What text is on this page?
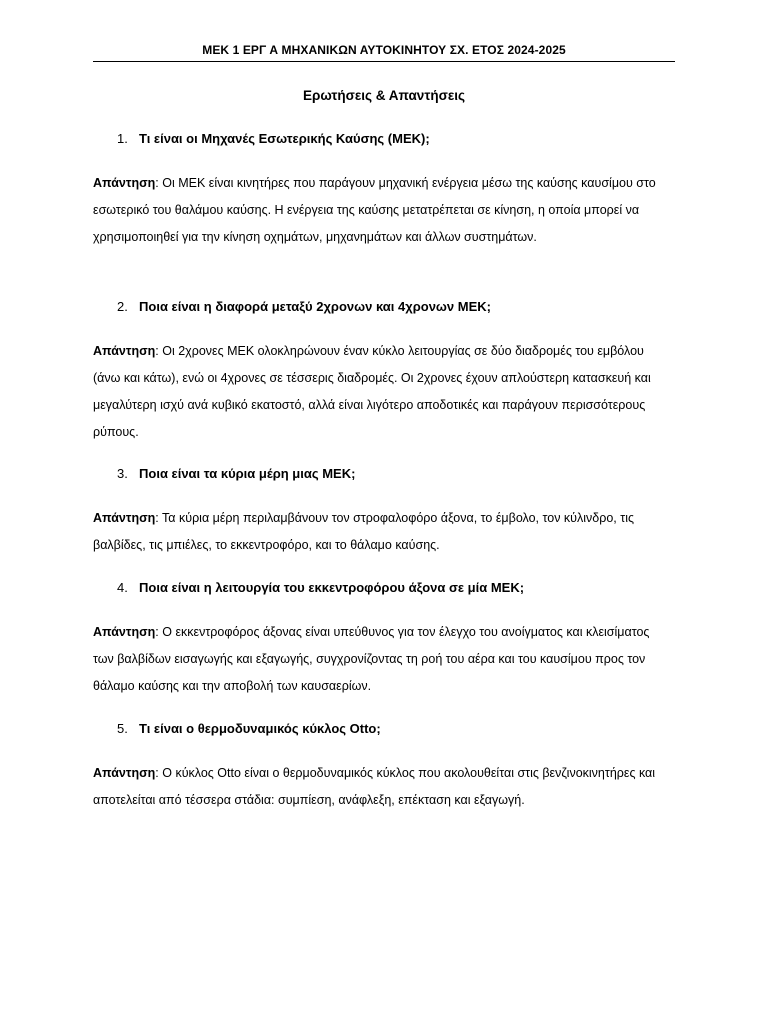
ΜΕΚ 1 ΕΡΓ Α ΜΗΧΑΝΙΚΩΝ ΑΥΤΟΚΙΝΗΤΟΥ ΣΧ. ΕΤΟΣ 2024-2025
Ερωτήσεις & Απαντήσεις
1. Τι είναι οι Μηχανές Εσωτερικής Καύσης (ΜΕΚ);
Απάντηση: Οι ΜΕΚ είναι κινητήρες που παράγουν μηχανική ενέργεια μέσω της καύσης καυσίμου στο εσωτερικό του θαλάμου καύσης. Η ενέργεια της καύσης μετατρέπεται σε κίνηση, η οποία μπορεί να χρησιμοποιηθεί για την κίνηση οχημάτων, μηχανημάτων και άλλων συστημάτων.
2. Ποια είναι η διαφορά μεταξύ 2χρονων και 4χρονων ΜΕΚ;
Απάντηση: Οι 2χρονες ΜΕΚ ολοκληρώνουν έναν κύκλο λειτουργίας σε δύο διαδρομές του εμβόλου (άνω και κάτω), ενώ οι 4χρονες σε τέσσερις διαδρομές. Οι 2χρονες έχουν απλούστερη κατασκευή και μεγαλύτερη ισχύ ανά κυβικό εκατοστό, αλλά είναι λιγότερο αποδοτικές και παράγουν περισσότερους ρύπους.
3. Ποια είναι τα κύρια μέρη μιας ΜΕΚ;
Απάντηση: Τα κύρια μέρη περιλαμβάνουν τον στροφαλοφόρο άξονα, το έμβολο, τον κύλινδρο, τις βαλβίδες, τις μπιέλες, το εκκεντροφόρο, και το θάλαμο καύσης.
4. Ποια είναι η λειτουργία του εκκεντροφόρου άξονα σε μία ΜΕΚ;
Απάντηση: Ο εκκεντροφόρος άξονας είναι υπεύθυνος για τον έλεγχο του ανοίγματος και κλεισίματος των βαλβίδων εισαγωγής και εξαγωγής, συγχρονίζοντας τη ροή του αέρα και του καυσίμου προς τον θάλαμο καύσης και την αποβολή των καυσαερίων.
5. Τι είναι ο θερμοδυναμικός κύκλος Otto;
Απάντηση: Ο κύκλος Otto είναι ο θερμοδυναμικός κύκλος που ακολουθείται στις βενζινοκινητήρες και αποτελείται από τέσσερα στάδια: συμπίεση, ανάφλεξη, επέκταση και εξαγωγή.
